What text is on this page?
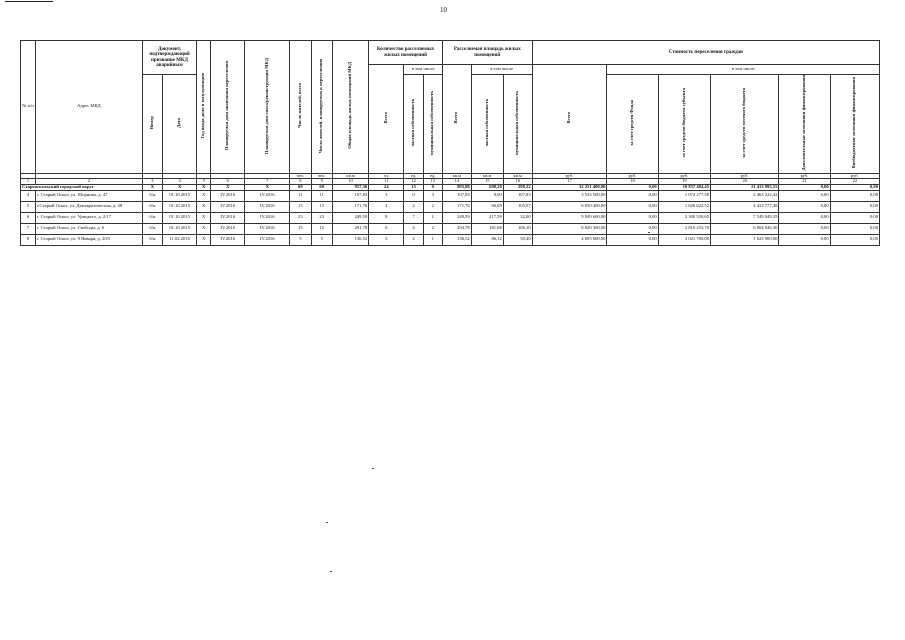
10
№ п/п	Адрес МКД	Документ, подтверждающий признание МКД аварийным		Год ввода дома в эксплуатацию	Планируемая дата окончания переселения	Планируемая дата сноса/реконструкции МКД	Число жителей, всего	Число жителей, планируемых к переселению	Общая площадь жилых помещений МКД	Количество расселяемых жилых помещений			Расселяемая площадь жилых помещений			Стоимость переселения граждан					
										Всего	в том числе		Всего	в том числе		Всего	в том числе				
		Номер	Дата								частная собственность	муниципальная собственность		частная собственность	муниципальная собственность		за счет средств Фонда	за счет средств бюджета субъекта	за счет средств местного бюджета	Дополнительные источники финансирования	Внебюджетные источники финансирования
							чел.	чел.	кв.м	ед.	ед.	ед.	кв.м	кв.м	кв.м	руб.	руб.	руб.	руб.	руб.	руб.
1	2	3	4	5	6	7	8	9	10	11	12	13	14	15	16	17	18	19	20	21	22
Старооскольский городской округ		Х	Х	Х	Х	Х	69	69	957,30	24	15	9	995,88	698,28	298,22	32 251 400,00	0,00	10 837 404,45	21 413 995,55	0,00	0,00
4	г. Старый Оскол, ул. Шорника, д. 47	б/н	01.10.2015	Х	IV.2016	IV.2016	11	11	107,83	3	0	3	107,83	0,00	107,83	3 535 500,00	0,00	1 072 277,58	2 463 222,42	0,00	0,00
5	г.Старый Оскол, ул. Демократическая, д. 48	б/н	01.10.2015	Х	IV.2016	IV.2016	15	15	171,76	4	2	2	171,76	66,69	105,07	6 050 400,00	0,00	1 626 622,52	4 423 777,48	0,00	0,00
6	г. Старый Оскол, ул. Урицкого, д. 2/17	б/н	01.10.2015	Х	IV.2016	IV.2016	23	23	249,59	8	7	1	249,59	217,59	32,00	9 849 600,00	0,00	2 300 550,65	7 549 049,35	0,00	0,00
7	г. Старый Оскол, ул. Свободы, д. 6	б/н	01.10.2015	Х	IV.2016	IV.2016	15	15	291,78	6	4	2	294,78	181,68	106,10	8 820 300,00	0,00	2 816 253,70	6 004 046,30	0,00	0,00
8	г. Старый Оскол, ул. 9 Января, д. 20/5	б/н	11.02.2016	Х	IV.2016	IV.2016	5	5	136,52	3	2	1	136,52	86,12	50,40	4 695 600,00	0,00	3 021 700,00	1 623 900,00	0,00	0,00
